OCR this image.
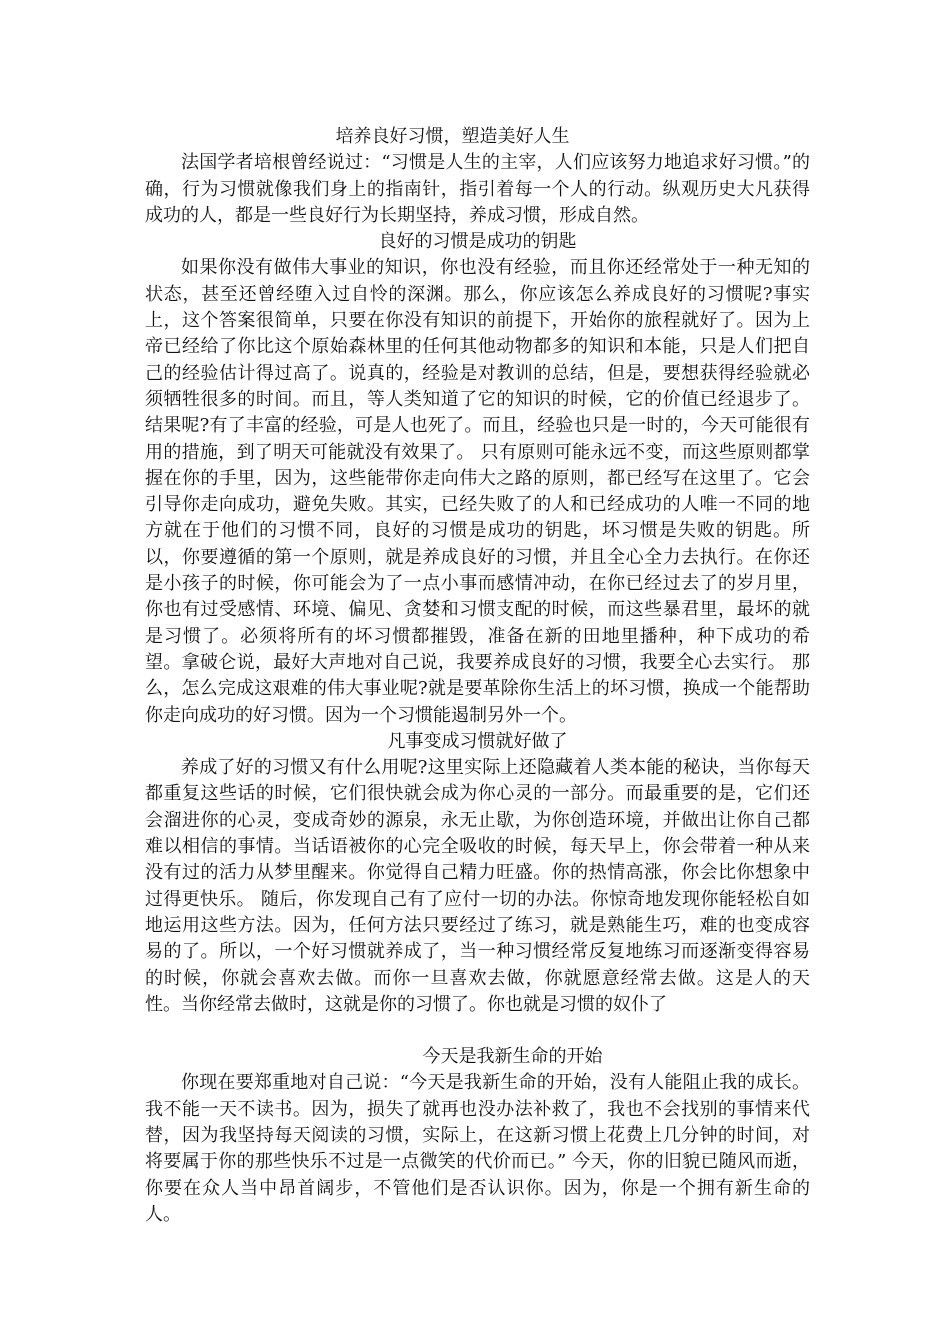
培养良好习惯，塑造美好人生

法国学者培根曾经说过：“习惯是人生的主宰，人们应该努力地追求好习惯。”的确，行为习惯就像我们身上的指南针，指引着每一个人的行动。纵观历史大凡获得成功的人，都是一些良好行为长期坚持，养成习惯，形成自然。

良好的习惯是成功的钥匙

如果你没有做伟大事业的知识，你也没有经验，而且你还经常处于一种无知的状态，甚至还曾经堕入过自怜的深渊。那么，你应该怎么养成良好的习惯呢?事实上，这个答案很简单，只要在你没有知识的前提下，开始你的旅程就好了。因为上帝已经给了你比这个原始森林里的任何其他动物都多的知识和本能，只是人们把自己的经验估计得过高了。说真的，经验是对教训的总结，但是，要想获得经验就必须牺牲很多的时间。而且，等人类知道了它的知识的时候，它的价值已经退步了。结果呢?有了丰富的经验，可是人也死了。而且，经验也只是一时的，今天可能很有用的措施，到了明天可能就没有效果了。 只有原则可能永远不变，而这些原则都掌握在你的手里，因为，这些能带你走向伟大之路的原则，都已经写在这里了。它会引导你走向成功，避免失败。其实，已经失败了的人和已经成功的人唯一不同的地方就在于他们的习惯不同，良好的习惯是成功的钥匙，坏习惯是失败的钥匙。所以，你要遵循的第一个原则，就是养成良好的习惯，并且全心全力去执行。在你还是小孩子的时候，你可能会为了一点小事而感情冲动，在你已经过去了的岁月里，你也有过受感情、环境、偏见、贪婪和习惯支配的时候，而这些暴君里，最坏的就是习惯了。必须将所有的坏习惯都摧毁，准备在新的田地里播种，种下成功的希望。拿破仑说，最好大声地对自己说，我要养成良好的习惯，我要全心去实行。 那么，怎么完成这艰难的伟大事业呢?就是要革除你生活上的坏习惯，换成一个能帮助你走向成功的好习惯。因为一个习惯能遏制另外一个。

凡事变成习惯就好做了

养成了好的习惯又有什么用呢?这里实际上还隐藏着人类本能的秘诀，当你每天都重复这些话的时候，它们很快就会成为你心灵的一部分。而最重要的是，它们还会溜进你的心灵，变成奇妙的源泉，永无止歇，为你创造环境，并做出让你自己都难以相信的事情。当话语被你的心完全吸收的时候，每天早上，你会带着一种从来没有过的活力从梦里醒来。你觉得自己精力旺盛。你的热情高涨，你会比你想象中过得更快乐。 随后，你发现自己有了应付一切的办法。你惊奇地发现你能轻松自如地运用这些方法。因为，任何方法只要经过了练习，就是熟能生巧，难的也变成容易的了。所以，一个好习惯就养成了，当一种习惯经常反复地练习而逐渐变得容易的时候，你就会喜欢去做。而你一旦喜欢去做，你就愿意经常去做。这是人的天性。当你经常去做时，这就是你的习惯了。你也就是习惯的奴仆了

今天是我新生命的开始

你现在要郑重地对自己说：“今天是我新生命的开始，没有人能阻止我的成长。我不能一天不读书。因为，损失了就再也没办法补救了，我也不会找别的事情来代替，因为我坚持每天阅读的习惯，实际上，在这新习惯上花费上几分钟的时间，对将要属于你的那些快乐不过是一点微笑的代价而已。” 今天，你的旧貌已随风而逝，你要在众人当中昂首阔步，不管他们是否认识你。因为，你是一个拥有新生命的人。
